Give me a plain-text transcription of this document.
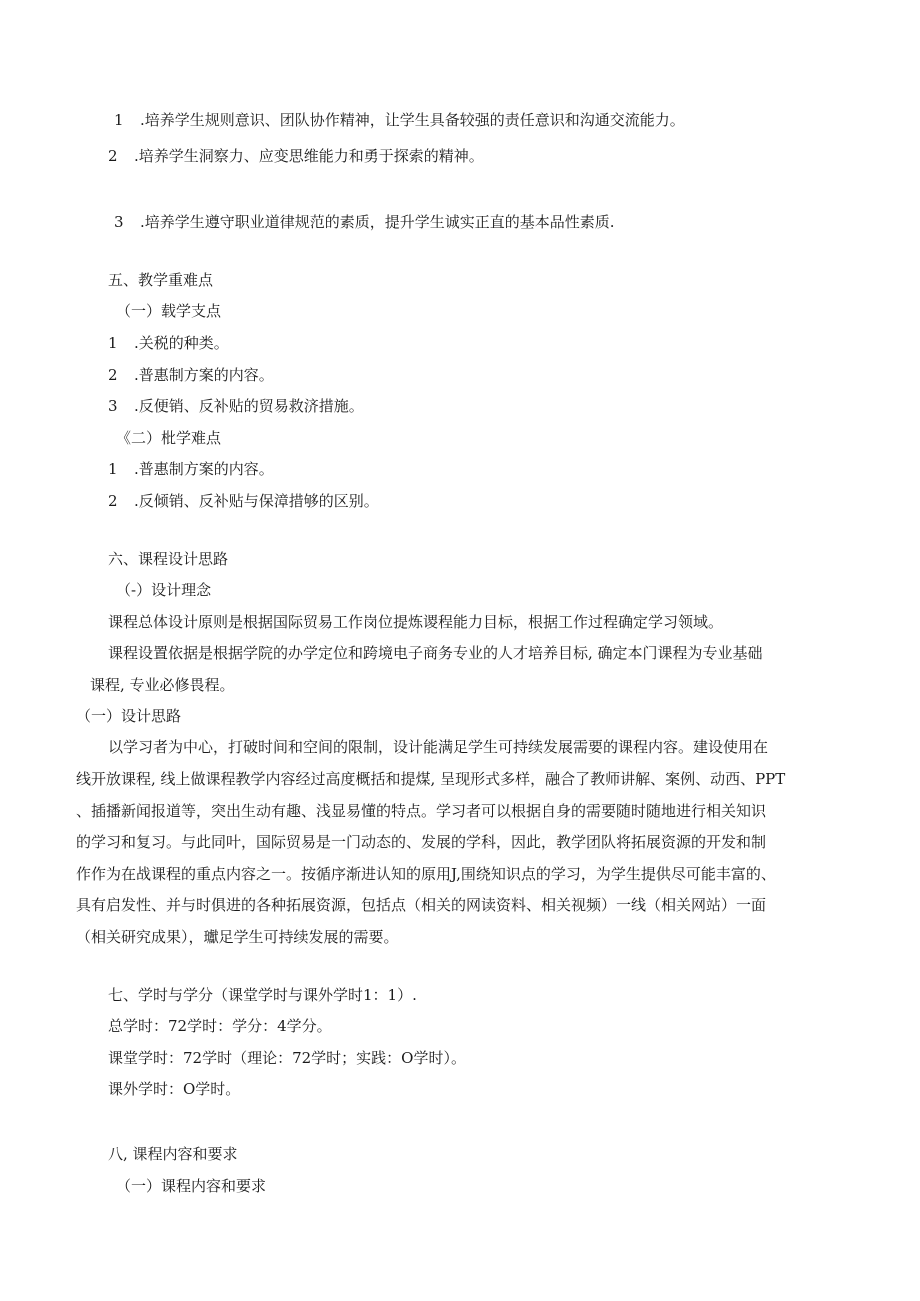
1 .培养学生规则意识、团队协作精神，让学生具备较强的责任意识和沟通交流能力。
2 .培养学生洞察力、应变思维能力和勇于探索的精神。
3 .培养学生遵守职业道律规范的素质，提升学生诚实正直的基本品性素质.
五、教学重难点
（一）载学支点
1 .关税的种类。
2 .普惠制方案的内容。
3 .反便销、反补贴的贸易救济措施。
《二）枇学难点
1 .普惠制方案的内容。
2 .反倾销、反补贴与保漳措够的区别。
六、课程设计思路
（-）设计理念
课程总体设计原则是根据国际贸易工作岗位提炼谡程能力目标，根据工作过程确定学习领域。
课程设置依据是根据学院的办学定位和跨境电子商务专业的人才培养目标, 确定本门课程为专业基础
课程, 专业必修畏程。
（一）设计思路
以学习者为中心，打破时间和空间的限制，设计能满足学生可持续发展需要的课程内容。建设使用在
线开放课程, 线上做课程教学内容经过高度概括和提煤, 呈现形式多样，融合了教师讲解、案例、动西、PPT
、插播新闻报道等，突出生动有趣、浅显易懂的特点。学习者可以根据自身的需要随时随地进行相关知识
的学习和复习。与此同叶，国际贸易是一门动态的、发展的学科，因此，教学团队将拓展资源的开发和制
作作为在战课程的重点内容之一。按循序渐进认知的原用J,围绕知识点的学习，为学生提供尽可能丰富的、
具有启发性、并与时俱进的各种拓展资源，包括点（相关的网读资料、相关视频）一线（相关网站）一面
（相关研究成果），瓛足学生可持续发展的需要。
七、学时与学分（课堂学时与课外学时1：1）.
总学时：72学时：学分：4学分。
课堂学时：72学时（理论：72学时；实践：O学时）。
课外学时：O学时。
八, 课程内容和要求
（一）课程内容和要求
